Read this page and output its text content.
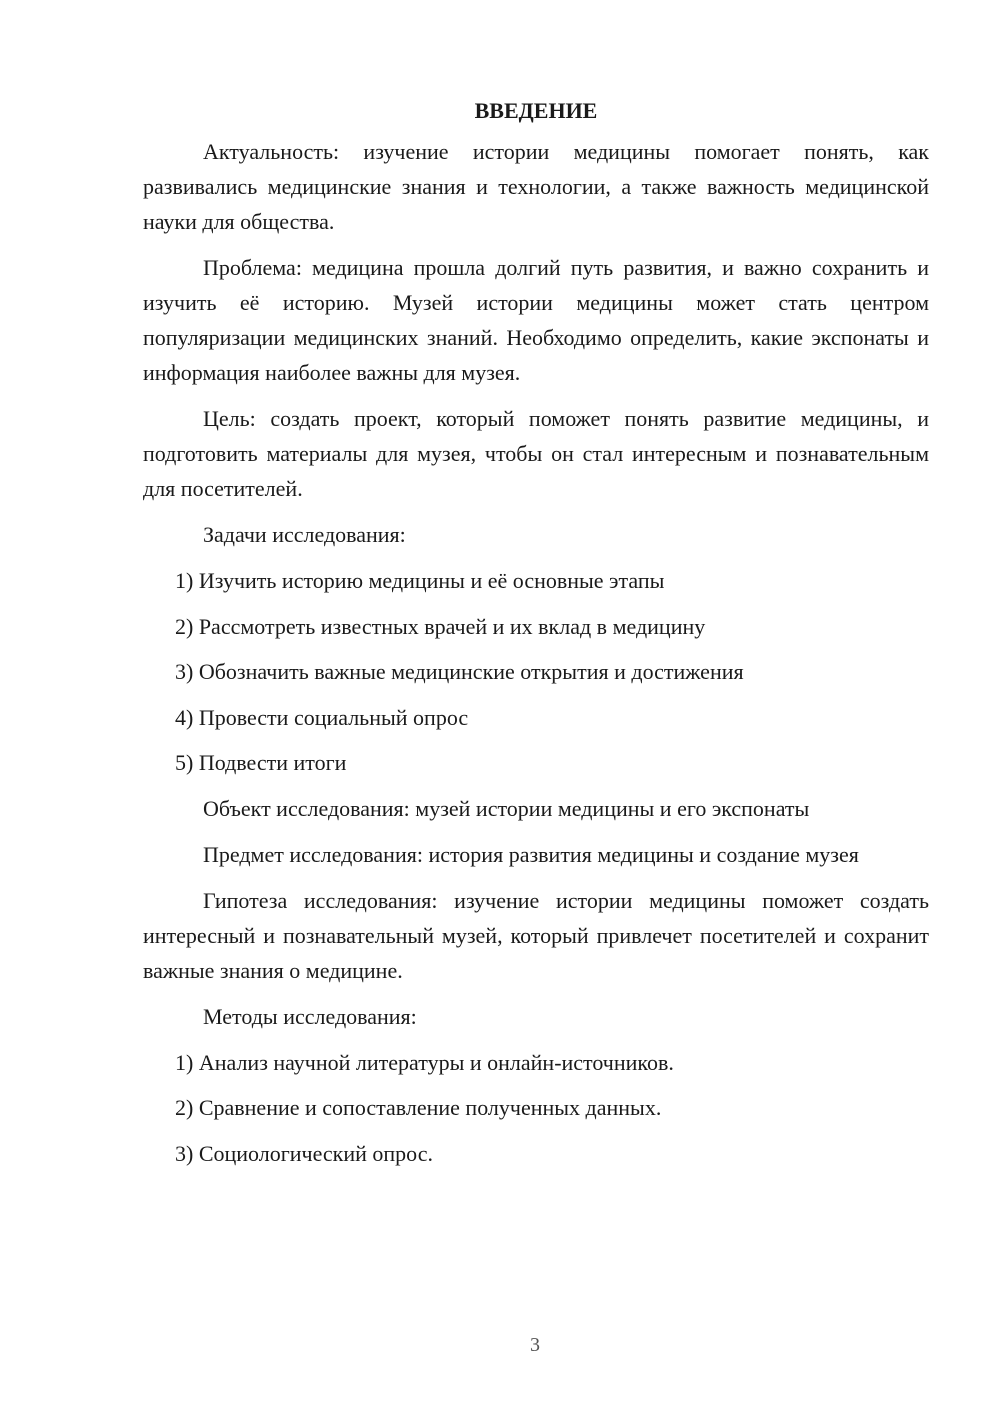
ВВЕДЕНИЕ

Актуальность: изучение истории медицины помогает понять, как развивались медицинские знания и технологии, а также важность медицинской науки для общества.

Проблема: медицина прошла долгий путь развития, и важно сохранить и изучить её историю. Музей истории медицины может стать центром популяризации медицинских знаний. Необходимо определить, какие экспонаты и информация наиболее важны для музея.

Цель: создать проект, который поможет понять развитие медицины, и подготовить материалы для музея, чтобы он стал интересным и познавательным для посетителей.

Задачи исследования:

1) Изучить историю медицины и её основные этапы

2) Рассмотреть известных врачей и их вклад в медицину

3) Обозначить важные медицинские открытия и достижения

4) Провести социальный опрос

5) Подвести итоги

Объект исследования: музей истории медицины и его экспонаты

Предмет исследования: история развития медицины и создание музея

Гипотеза исследования: изучение истории медицины поможет создать интересный и познавательный музей, который привлечет посетителей и сохранит важные знания о медицине.

Методы исследования:

1) Анализ научной литературы и онлайн-источников.

2) Сравнение и сопоставление полученных данных.

3) Социологический опрос.

3
